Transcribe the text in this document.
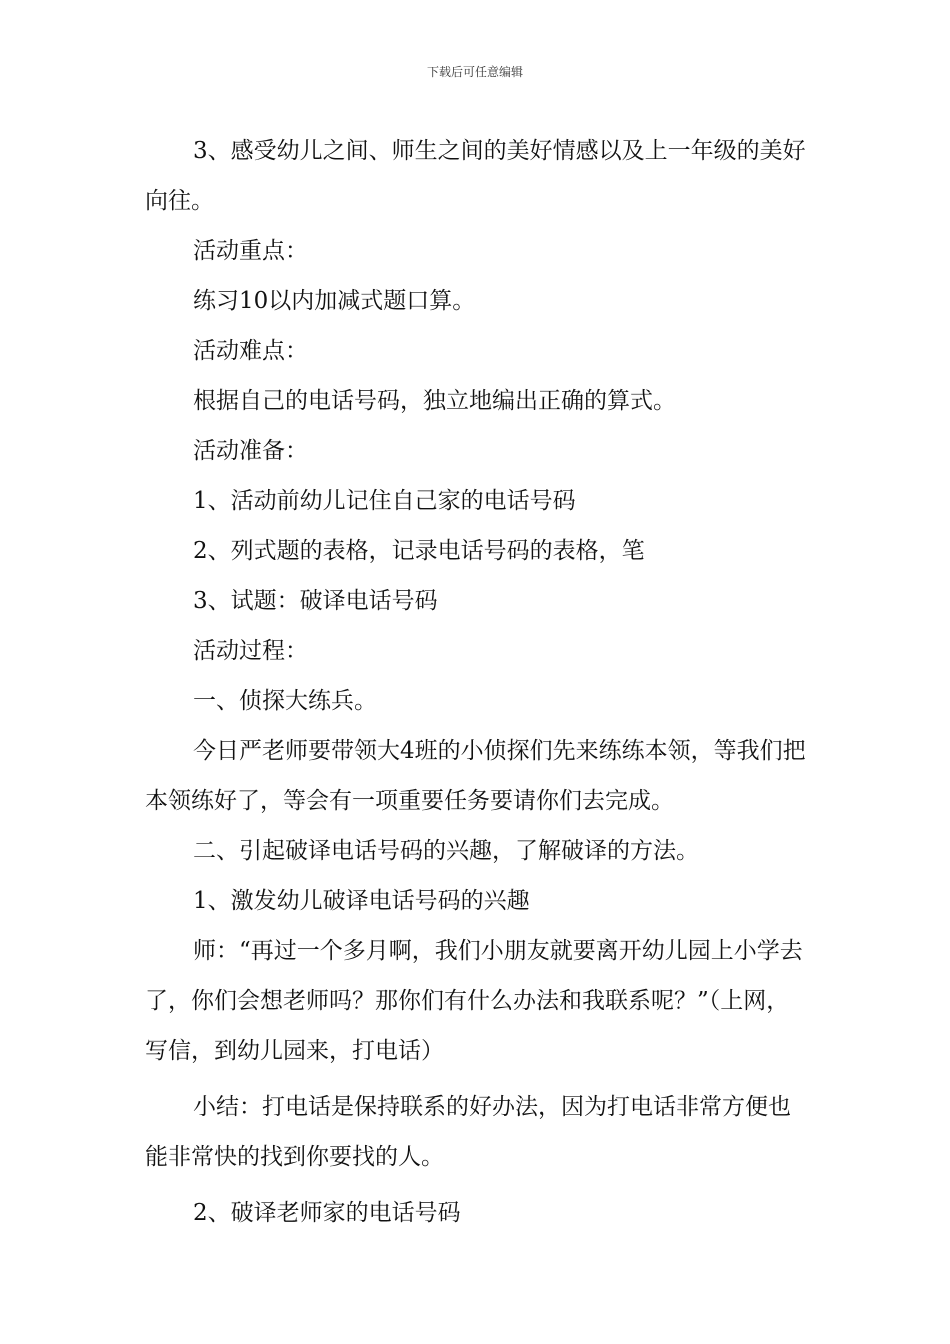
下载后可任意编辑

3、感受幼儿之间、师生之间的美好情感以及上一年级的美好向往。

活动重点：

练习10以内加减式题口算。

活动难点：

根据自己的电话号码，独立地编出正确的算式。

活动准备：

1、活动前幼儿记住自己家的电话号码

2、列式题的表格，记录电话号码的表格，笔

3、试题：破译电话号码

活动过程：

一、侦探大练兵。

今日严老师要带领大4班的小侦探们先来练练本领，等我们把本领练好了，等会有一项重要任务要请你们去完成。

二、引起破译电话号码的兴趣，了解破译的方法。

1、激发幼儿破译电话号码的兴趣

师：“再过一个多月啊，我们小朋友就要离开幼儿园上小学去了，你们会想老师吗？那你们有什么办法和我联系呢？”（上网，写信，到幼儿园来，打电话）

小结：打电话是保持联系的好办法，因为打电话非常方便也能非常快的找到你要找的人。

2、破译老师家的电话号码
